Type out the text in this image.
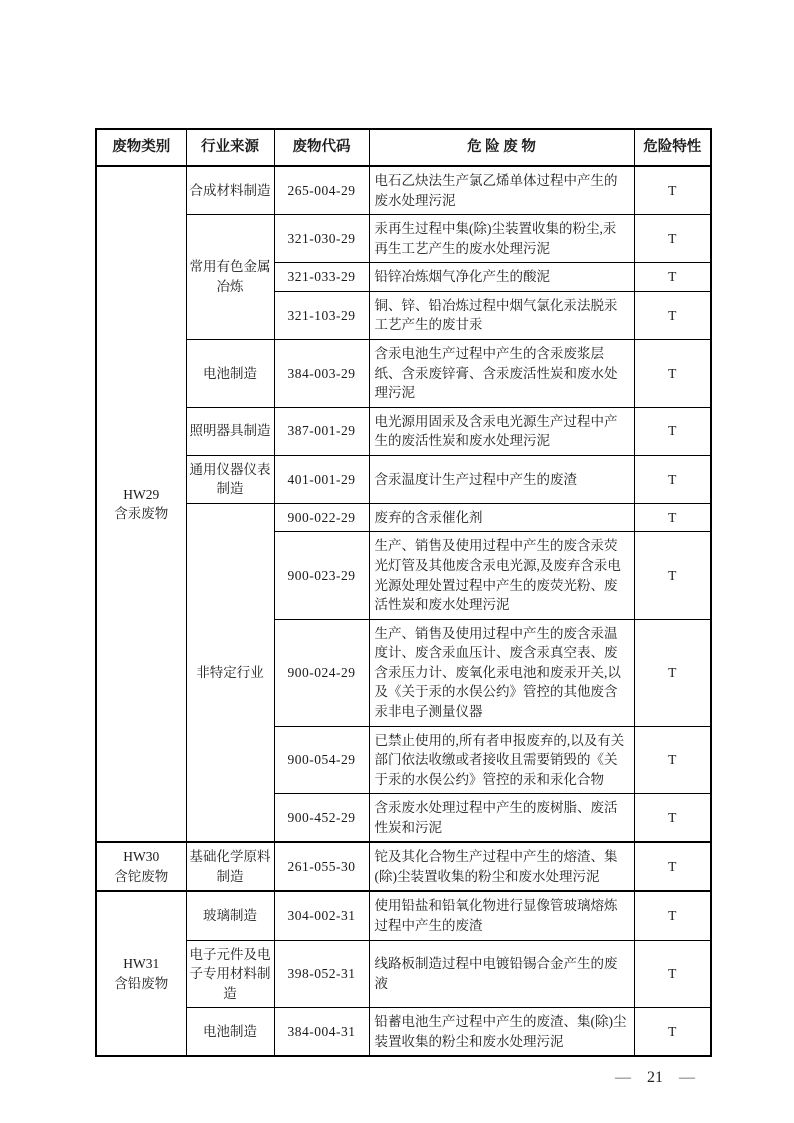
废物类别	行业来源	废物代码	危 险 废 物	危险特性

HW29
含汞废物	合成材料制造	265-004-29	电石乙炔法生产氯乙烯单体过程中产生的废水处理污泥	T
	常用有色金属冶炼	321-030-29	汞再生过程中集(除)尘装置收集的粉尘,汞再生工艺产生的废水处理污泥	T
		321-033-29	铅锌冶炼烟气净化产生的酸泥	T
		321-103-29	铜、锌、铅冶炼过程中烟气氯化汞法脱汞工艺产生的废甘汞	T
	电池制造	384-003-29	含汞电池生产过程中产生的含汞废浆层纸、含汞废锌膏、含汞废活性炭和废水处理污泥	T
	照明器具制造	387-001-29	电光源用固汞及含汞电光源生产过程中产生的废活性炭和废水处理污泥	T
	通用仪器仪表制造	401-001-29	含汞温度计生产过程中产生的废渣	T
	非特定行业	900-022-29	废弃的含汞催化剂	T
		900-023-29	生产、销售及使用过程中产生的废含汞荧光灯管及其他废含汞电光源,及废弃含汞电光源处理处置过程中产生的废荧光粉、废活性炭和废水处理污泥	T
		900-024-29	生产、销售及使用过程中产生的废含汞温度计、废含汞血压计、废含汞真空表、废含汞压力计、废氧化汞电池和废汞开关,以及《关于汞的水俣公约》管控的其他废含汞非电子测量仪器	T
		900-054-29	已禁止使用的,所有者申报废弃的,以及有关部门依法收缴或者接收且需要销毁的《关于汞的水俣公约》管控的汞和汞化合物	T
		900-452-29	含汞废水处理过程中产生的废树脂、废活性炭和污泥	T

HW30
含铊废物	基础化学原料制造	261-055-30	铊及其化合物生产过程中产生的熔渣、集(除)尘装置收集的粉尘和废水处理污泥	T

HW31
含铅废物	玻璃制造	304-002-31	使用铅盐和铅氧化物进行显像管玻璃熔炼过程中产生的废渣	T
	电子元件及电子专用材料制造	398-052-31	线路板制造过程中电镀铅锡合金产生的废液	T
	电池制造	384-004-31	铅蓄电池生产过程中产生的废渣、集(除)尘装置收集的粉尘和废水处理污泥	T
— 21 —
